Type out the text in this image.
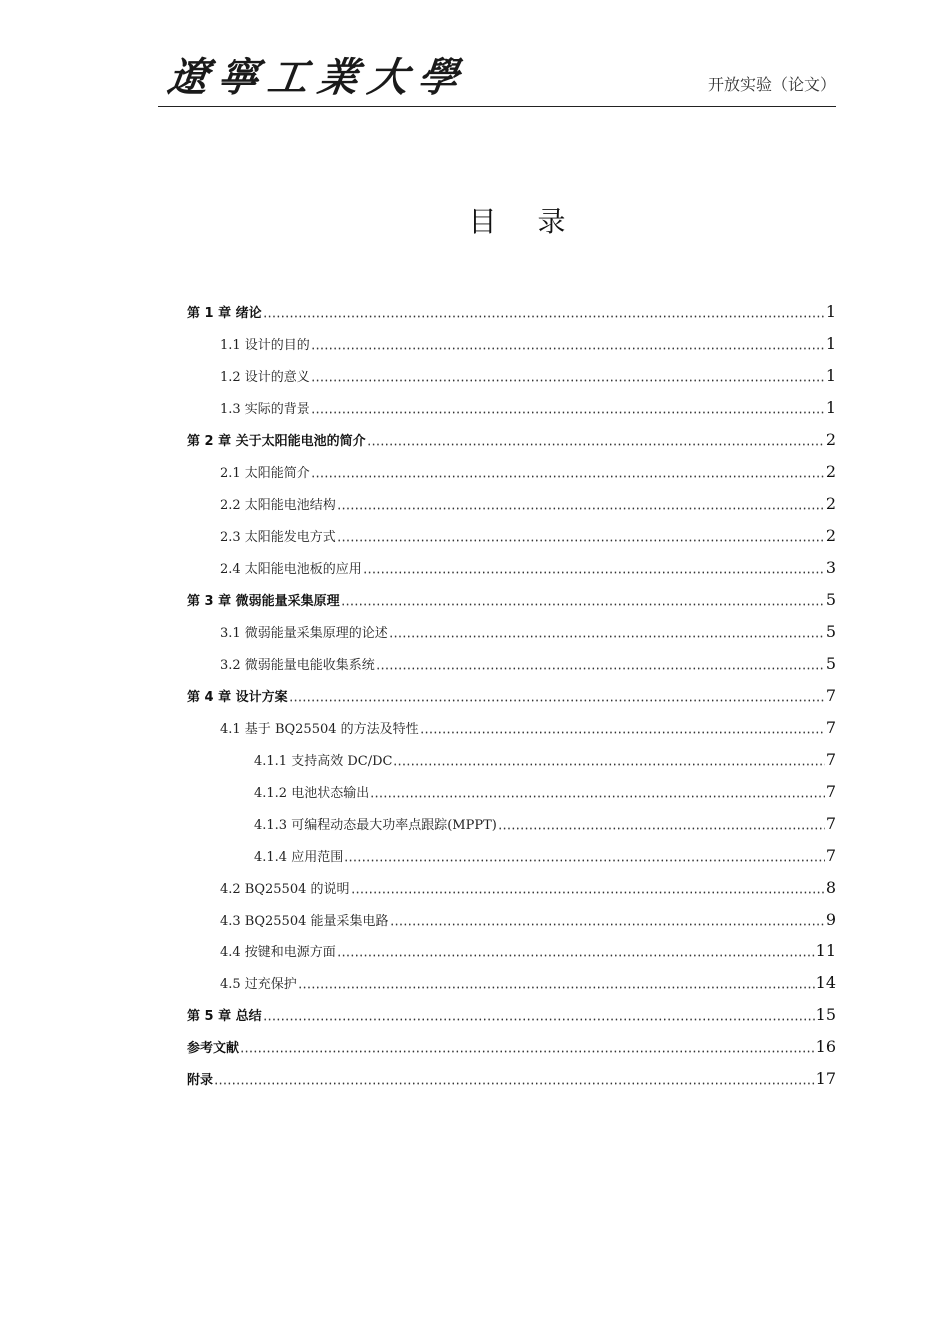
遼寧工業大學	开放实验（论文）
目 录
第 1 章 绪论	1
1.1 设计的目的	1
1.2 设计的意义	1
1.3 实际的背景	1
第 2 章 关于太阳能电池的简介	2
2.1 太阳能简介	2
2.2 太阳能电池结构	2
2.3 太阳能发电方式	2
2.4 太阳能电池板的应用	3
第 3 章 微弱能量采集原理	5
3.1 微弱能量采集原理的论述	5
3.2 微弱能量电能收集系统	5
第 4 章 设计方案	7
4.1 基于 BQ25504 的方法及特性	7
4.1.1 支持高效 DC/DC	7
4.1.2 电池状态输出	7
4.1.3 可编程动态最大功率点跟踪(MPPT)	7
4.1.4 应用范围	7
4.2 BQ25504 的说明	8
4.3 BQ25504 能量采集电路	9
4.4 按键和电源方面	11
4.5 过充保护	14
第 5 章 总结	15
参考文献	16
附录	17
